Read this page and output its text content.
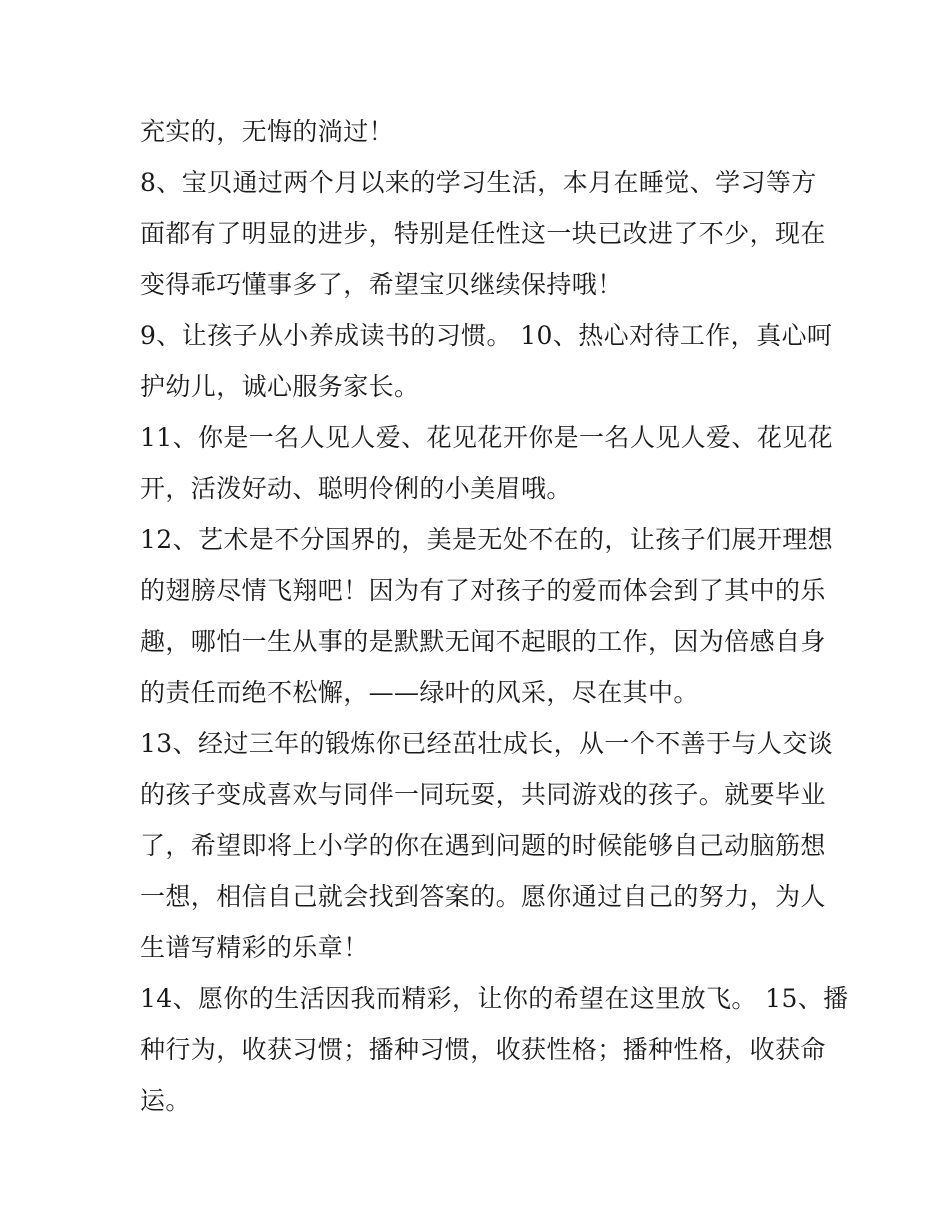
充实的，无悔的淌过！
8、宝贝通过两个月以来的学习生活，本月在睡觉、学习等方
面都有了明显的进步，特别是任性这一块已改进了不少，现在
变得乖巧懂事多了，希望宝贝继续保持哦！
9、让孩子从小养成读书的习惯。 10、热心对待工作，真心呵
护幼儿，诚心服务家长。
11、你是一名人见人爱、花见花开你是一名人见人爱、花见花
开，活泼好动、聪明伶俐的小美眉哦。
12、艺术是不分国界的，美是无处不在的，让孩子们展开理想
的翅膀尽情飞翔吧！因为有了对孩子的爱而体会到了其中的乐
趣，哪怕一生从事的是默默无闻不起眼的工作，因为倍感自身
的责任而绝不松懈，——绿叶的风采，尽在其中。
13、经过三年的锻炼你已经茁壮成长，从一个不善于与人交谈
的孩子变成喜欢与同伴一同玩耍，共同游戏的孩子。就要毕业
了，希望即将上小学的你在遇到问题的时候能够自己动脑筋想
一想，相信自己就会找到答案的。愿你通过自己的努力，为人
生谱写精彩的乐章！
14、愿你的生活因我而精彩，让你的希望在这里放飞。 15、播
种行为，收获习惯；播种习惯，收获性格；播种性格，收获命
运。
